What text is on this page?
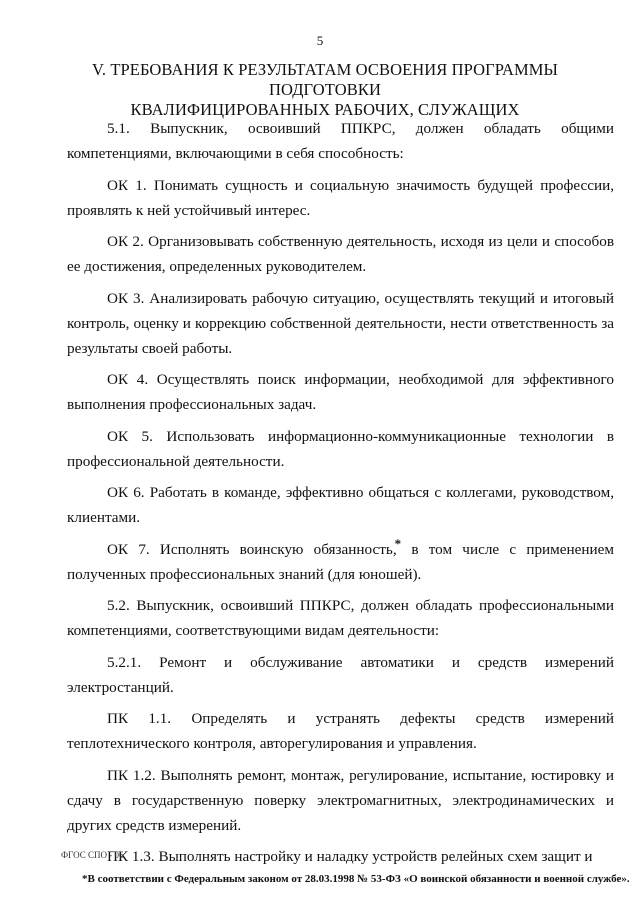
5
V. ТРЕБОВАНИЯ К РЕЗУЛЬТАТАМ ОСВОЕНИЯ ПРОГРАММЫ ПОДГОТОВКИ
КВАЛИФИЦИРОВАННЫХ РАБОЧИХ, СЛУЖАЩИХ

5.1. Выпускник, освоивший ППКРС, должен обладать общими компетенциями, включающими в себя способность:

ОК 1. Понимать сущность и социальную значимость будущей профессии, проявлять к ней устойчивый интерес.

ОК 2. Организовывать собственную деятельность, исходя из цели и способов ее достижения, определенных руководителем.

ОК 3. Анализировать рабочую ситуацию, осуществлять текущий и итоговый контроль, оценку и коррекцию собственной деятельности, нести ответственность за результаты своей работы.

ОК 4. Осуществлять поиск информации, необходимой для эффективного выполнения профессиональных задач.

ОК 5. Использовать информационно-коммуникационные технологии в профессиональной деятельности.

ОК 6. Работать в команде, эффективно общаться с коллегами, руководством, клиентами.

ОК 7. Исполнять воинскую обязанность,* в том числе с применением полученных профессиональных знаний (для юношей).

5.2. Выпускник, освоивший ППКРС, должен обладать профессиональными компетенциями, соответствующими видам деятельности:

5.2.1. Ремонт и обслуживание автоматики и средств измерений электростанций.

ПК 1.1. Определять и устранять дефекты средств измерений теплотехнического контроля, авторегулирования и управления.

ПК 1.2. Выполнять ремонт, монтаж, регулирование, испытание, юстировку и сдачу в государственную поверку электромагнитных, электродинамических и других средств измерений.

ПК 1.3. Выполнять настройку и наладку устройств релейных схем защит и

ФГОС СПО - 06
*В соответствии с Федеральным законом от 28.03.1998 № 53-ФЗ «О воинской обязанности и военной службе».
